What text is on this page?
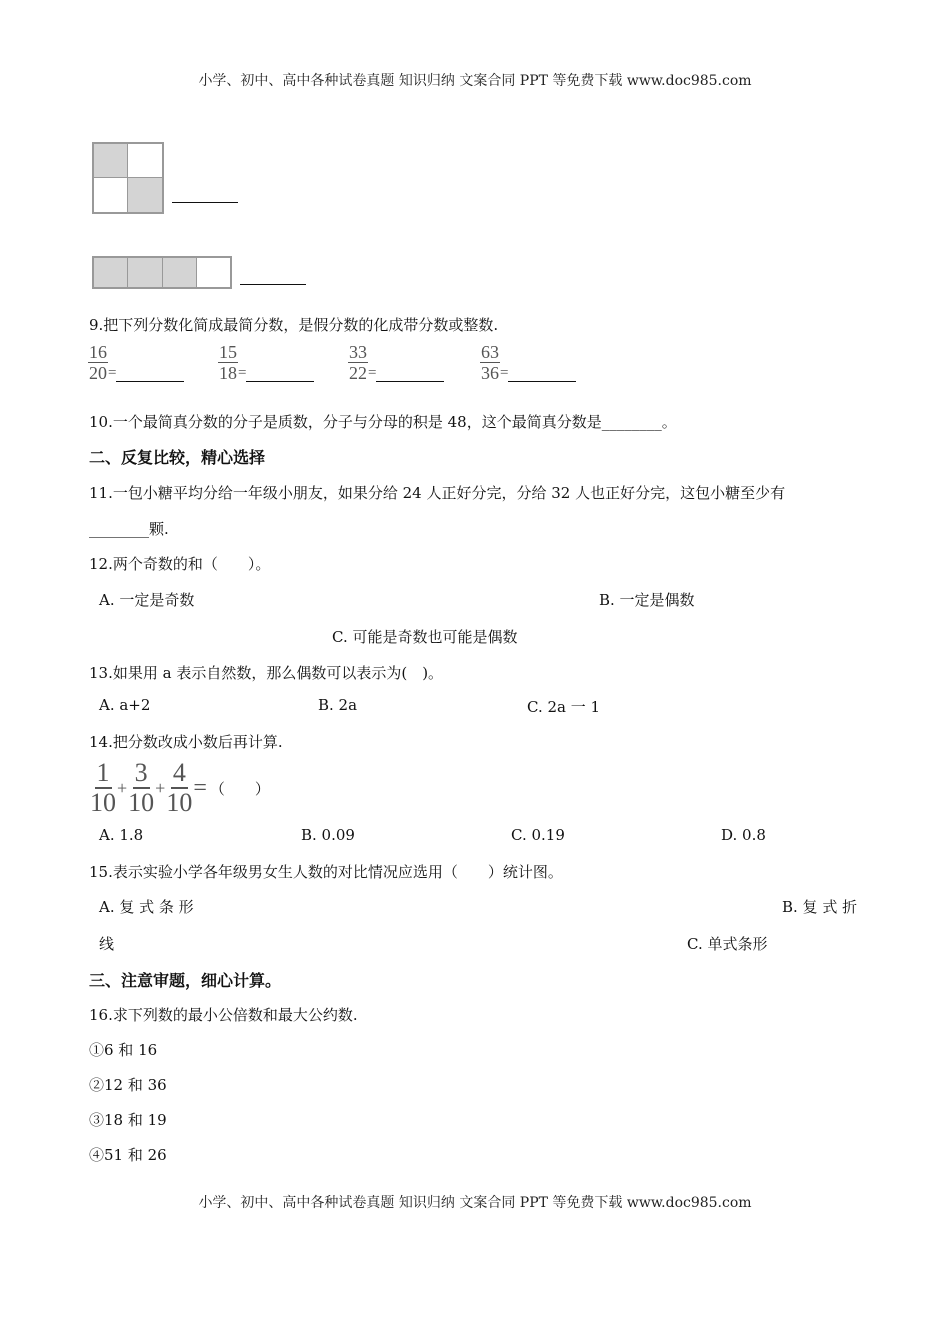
小学、初中、高中各种试卷真题 知识归纳 文案合同 PPT 等免费下载 www.doc985.com
9.把下列分数化简成最简分数，是假分数的化成带分数或整数.
$\frac{16}{20}$ =	$\frac{15}{18}$ =	$\frac{33}{22}$ =	$\frac{63}{36}$ =
10.一个最简真分数的分子是质数，分子与分母的积是 48，这个最简真分数是________。
二、反复比较，精心选择
11.一包小糖平均分给一年级小朋友，如果分给 24 人正好分完，分给 32 人也正好分完，这包小糖至少有
________颗.
12.两个奇数的和（　　）。
A. 一定是奇数	B. 一定是偶数
C. 可能是奇数也可能是偶数
13.如果用 a 表示自然数，那么偶数可以表示为(　)。
A. a+2	B. 2a	C. 2a 一 1
14.把分数改成小数后再计算.
$\frac{1}{10} + \frac{3}{10} + \frac{4}{10}$ = （　　）
A. 1.8	B. 0.09	C. 0.19	D. 0.8
15.表示实验小学各年级男女生人数的对比情况应选用（　　）统计图。
A. 复 式 条 形	B. 复 式 折
线	C. 单式条形
三、注意审题，细心计算。
16.求下列数的最小公倍数和最大公约数.
①6 和 16
②12 和 36
③18 和 19
④51 和 26
小学、初中、高中各种试卷真题 知识归纳 文案合同 PPT 等免费下载 www.doc985.com
